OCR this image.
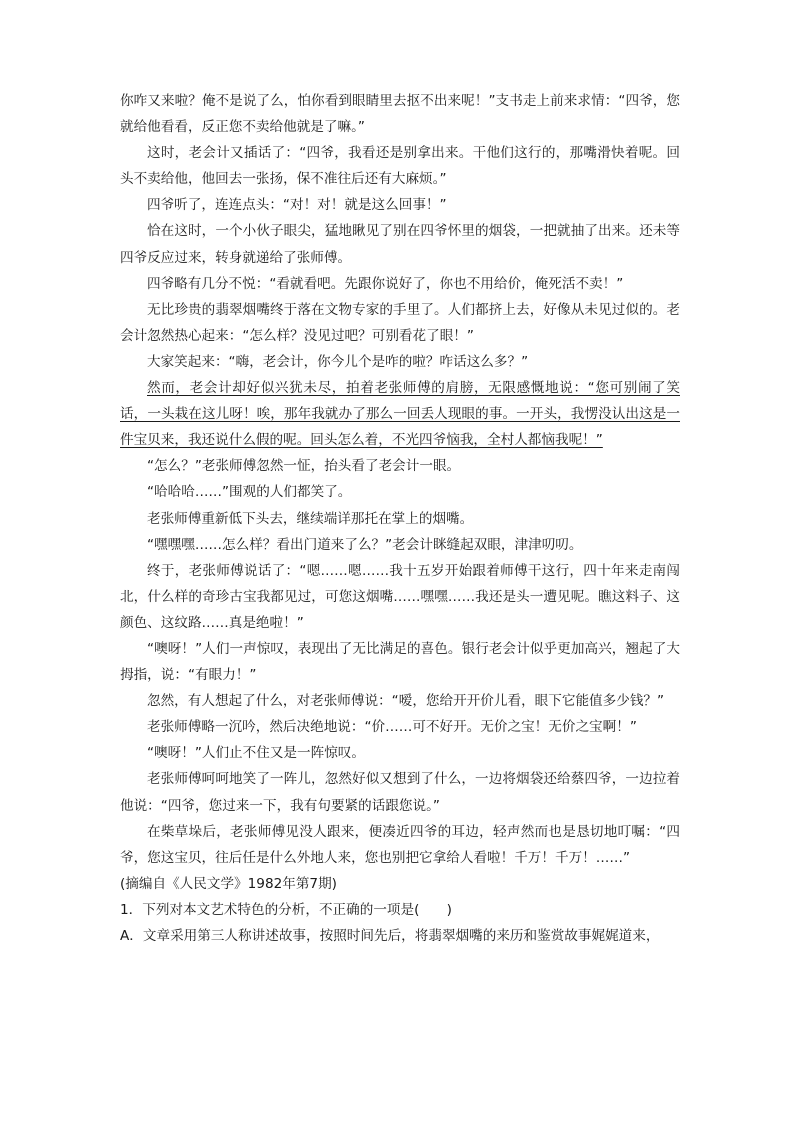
你咋又来啦？俺不是说了么，怕你看到眼睛里去抠不出来呢！”支书走上前来求情：“四爷，您就给他看看，反正您不卖给他就是了嘛。”

这时，老会计又插话了：“四爷，我看还是别拿出来。干他们这行的，那嘴滑快着呢。回头不卖给他，他回去一张扬，保不准往后还有大麻烦。”

四爷听了，连连点头：“对！对！就是这么回事！”

恰在这时，一个小伙子眼尖，猛地瞅见了别在四爷怀里的烟袋，一把就抽了出来。还未等四爷反应过来，转身就递给了张师傅。

四爷略有几分不悦：“看就看吧。先跟你说好了，你也不用给价，俺死活不卖！”

无比珍贵的翡翠烟嘴终于落在文物专家的手里了。人们都挤上去，好像从未见过似的。老会计忽然热心起来：“怎么样？没见过吧？可别看花了眼！”

大家笑起来：“嗨，老会计，你今儿个是咋的啦？咋话这么多？”

然而，老会计却好似兴犹未尽，拍着老张师傅的肩膀，无限感慨地说：“您可别闹了笑话，一头栽在这儿呀！唉，那年我就办了那么一回丢人现眼的事。一开头，我愣没认出这是一件宝贝来，我还说什么假的呢。回头怎么着，不光四爷恼我，全村人都恼我呢！”

“怎么？”老张师傅忽然一怔，抬头看了老会计一眼。

“哈哈哈……”围观的人们都笑了。

老张师傅重新低下头去，继续端详那托在掌上的烟嘴。

“嘿嘿嘿……怎么样？看出门道来了么？”老会计眯缝起双眼，津津叨叨。

终于，老张师傅说话了：“嗯……嗯……我十五岁开始跟着师傅干这行，四十年来走南闯北，什么样的奇珍古宝我都见过，可您这烟嘴……嘿嘿……我还是头一遭见呢。瞧这料子、这颜色、这纹路……真是绝啦！”

“噢呀！”人们一声惊叹，表现出了无比满足的喜色。银行老会计似乎更加高兴，翘起了大拇指，说：“有眼力！”

忽然，有人想起了什么，对老张师傅说：“嗳，您给开开价儿看，眼下它能值多少钱？”

老张师傅略一沉吟，然后决绝地说：“价……可不好开。无价之宝！无价之宝啊！”

“噢呀！”人们止不住又是一阵惊叹。

老张师傅呵呵地笑了一阵儿，忽然好似又想到了什么，一边将烟袋还给蔡四爷，一边拉着他说：“四爷，您过来一下，我有句要紧的话跟您说。”

在柴草垛后，老张师傅见没人跟来，便凑近四爷的耳边，轻声然而也是恳切地叮嘱：“四爷，您这宝贝，往后任是什么外地人来，您也别把它拿给人看啦！千万！千万！……”

(摘编自《人民文学》1982年第7期)

1．下列对本文艺术特色的分析，不正确的一项是(　　)

A．文章采用第三人称讲述故事，按照时间先后，将翡翠烟嘴的来历和鉴赏故事娓娓道来，
